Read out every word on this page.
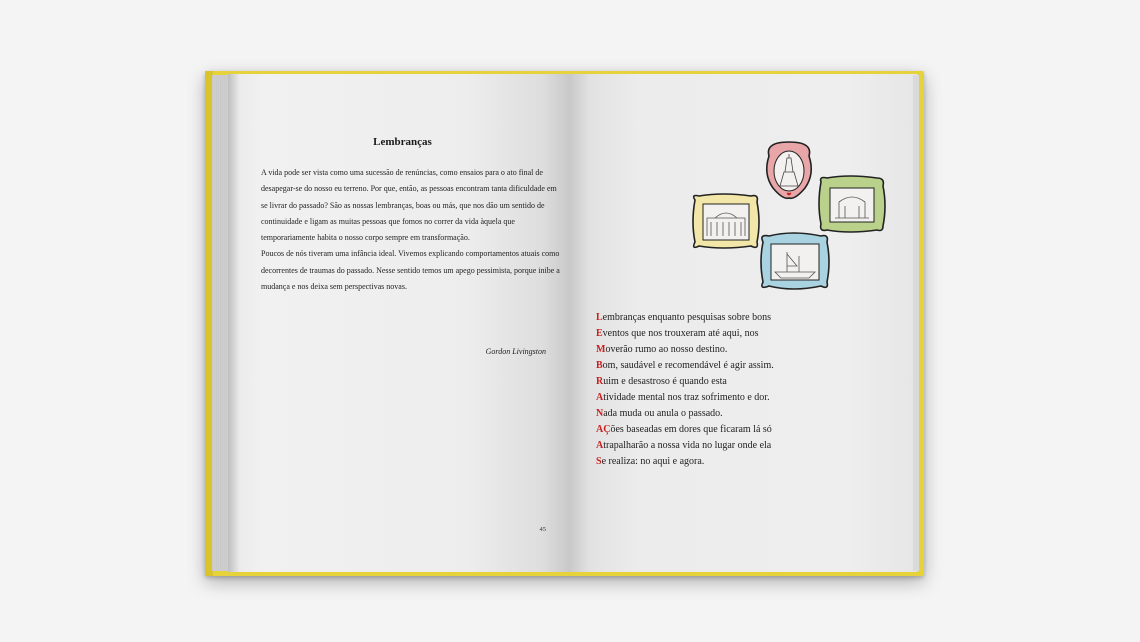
Lembranças

A vida pode ser vista como uma sucessão de renúncias, como ensaios para o ato final de desapegar-se do nosso eu terreno. Por que, então, as pessoas encontram tanta dificuldade em se livrar do passado? São as nossas lembranças, boas ou más, que nos dão um sentido de continuidade e ligam as muitas pessoas que fomos no correr da vida àquela que temporariamente habita o nosso corpo sempre em transformação.

Poucos de nós tiveram uma infância ideal. Vivemos explicando comportamentos atuais como decorrentes de traumas do passado. Nesse sentido temos um apego pessimista, porque inibe a mudança e nos deixa sem perspectivas novas.

Gordon Livingston
45
Lembranças enquanto pesquisas sobre bons
Eventos que nos trouxeram até aqui, nos
Moverão rumo ao nosso destino.
Bom, saudável e recomendável é agir assim.
Ruim e desastroso é quando esta
Atividade mental nos traz sofrimento e dor.
Nada muda ou anula o passado.
AÇões baseadas em dores que ficaram lá só
Atrapalharão a nossa vida no lugar onde ela
Se realiza: no aqui e agora.
